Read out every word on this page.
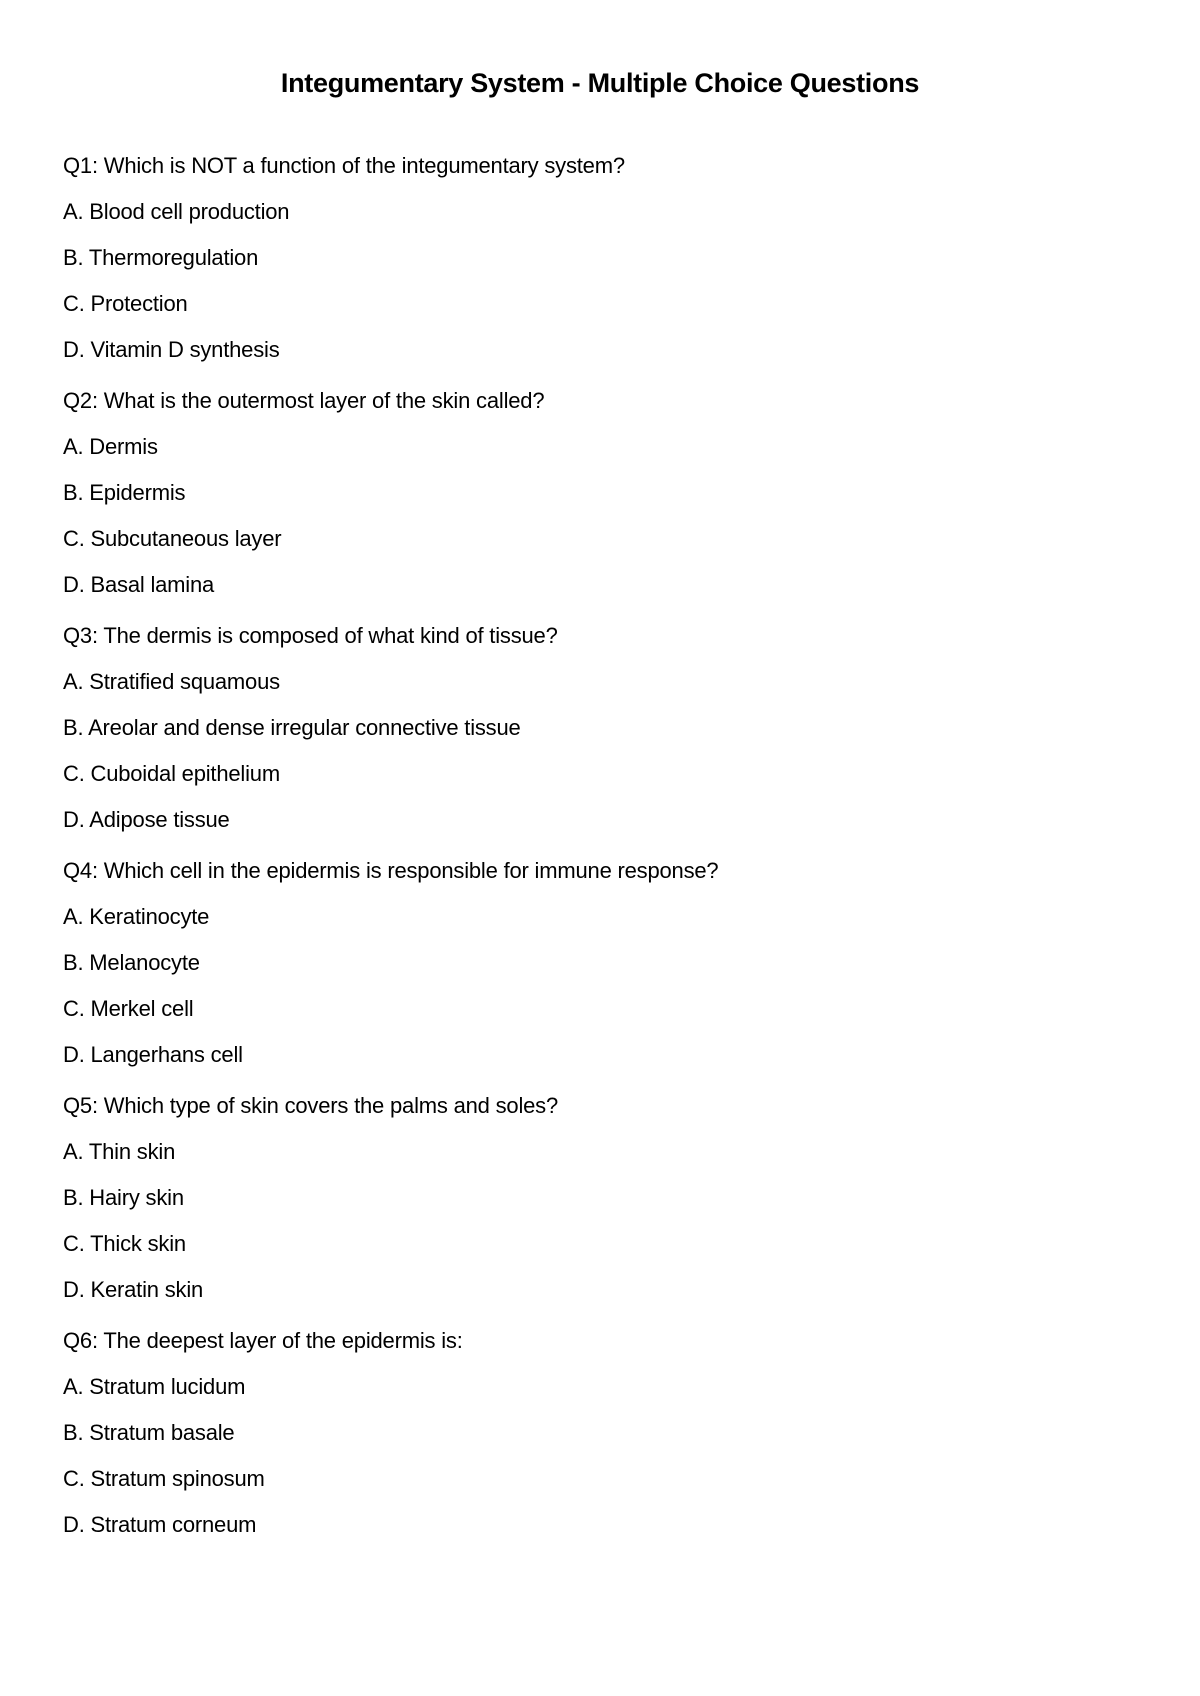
Integumentary System - Multiple Choice Questions
Q1: Which is NOT a function of the integumentary system?
A. Blood cell production
B. Thermoregulation
C. Protection
D. Vitamin D synthesis
Q2: What is the outermost layer of the skin called?
A. Dermis
B. Epidermis
C. Subcutaneous layer
D. Basal lamina
Q3: The dermis is composed of what kind of tissue?
A. Stratified squamous
B. Areolar and dense irregular connective tissue
C. Cuboidal epithelium
D. Adipose tissue
Q4: Which cell in the epidermis is responsible for immune response?
A. Keratinocyte
B. Melanocyte
C. Merkel cell
D. Langerhans cell
Q5: Which type of skin covers the palms and soles?
A. Thin skin
B. Hairy skin
C. Thick skin
D. Keratin skin
Q6: The deepest layer of the epidermis is:
A. Stratum lucidum
B. Stratum basale
C. Stratum spinosum
D. Stratum corneum
